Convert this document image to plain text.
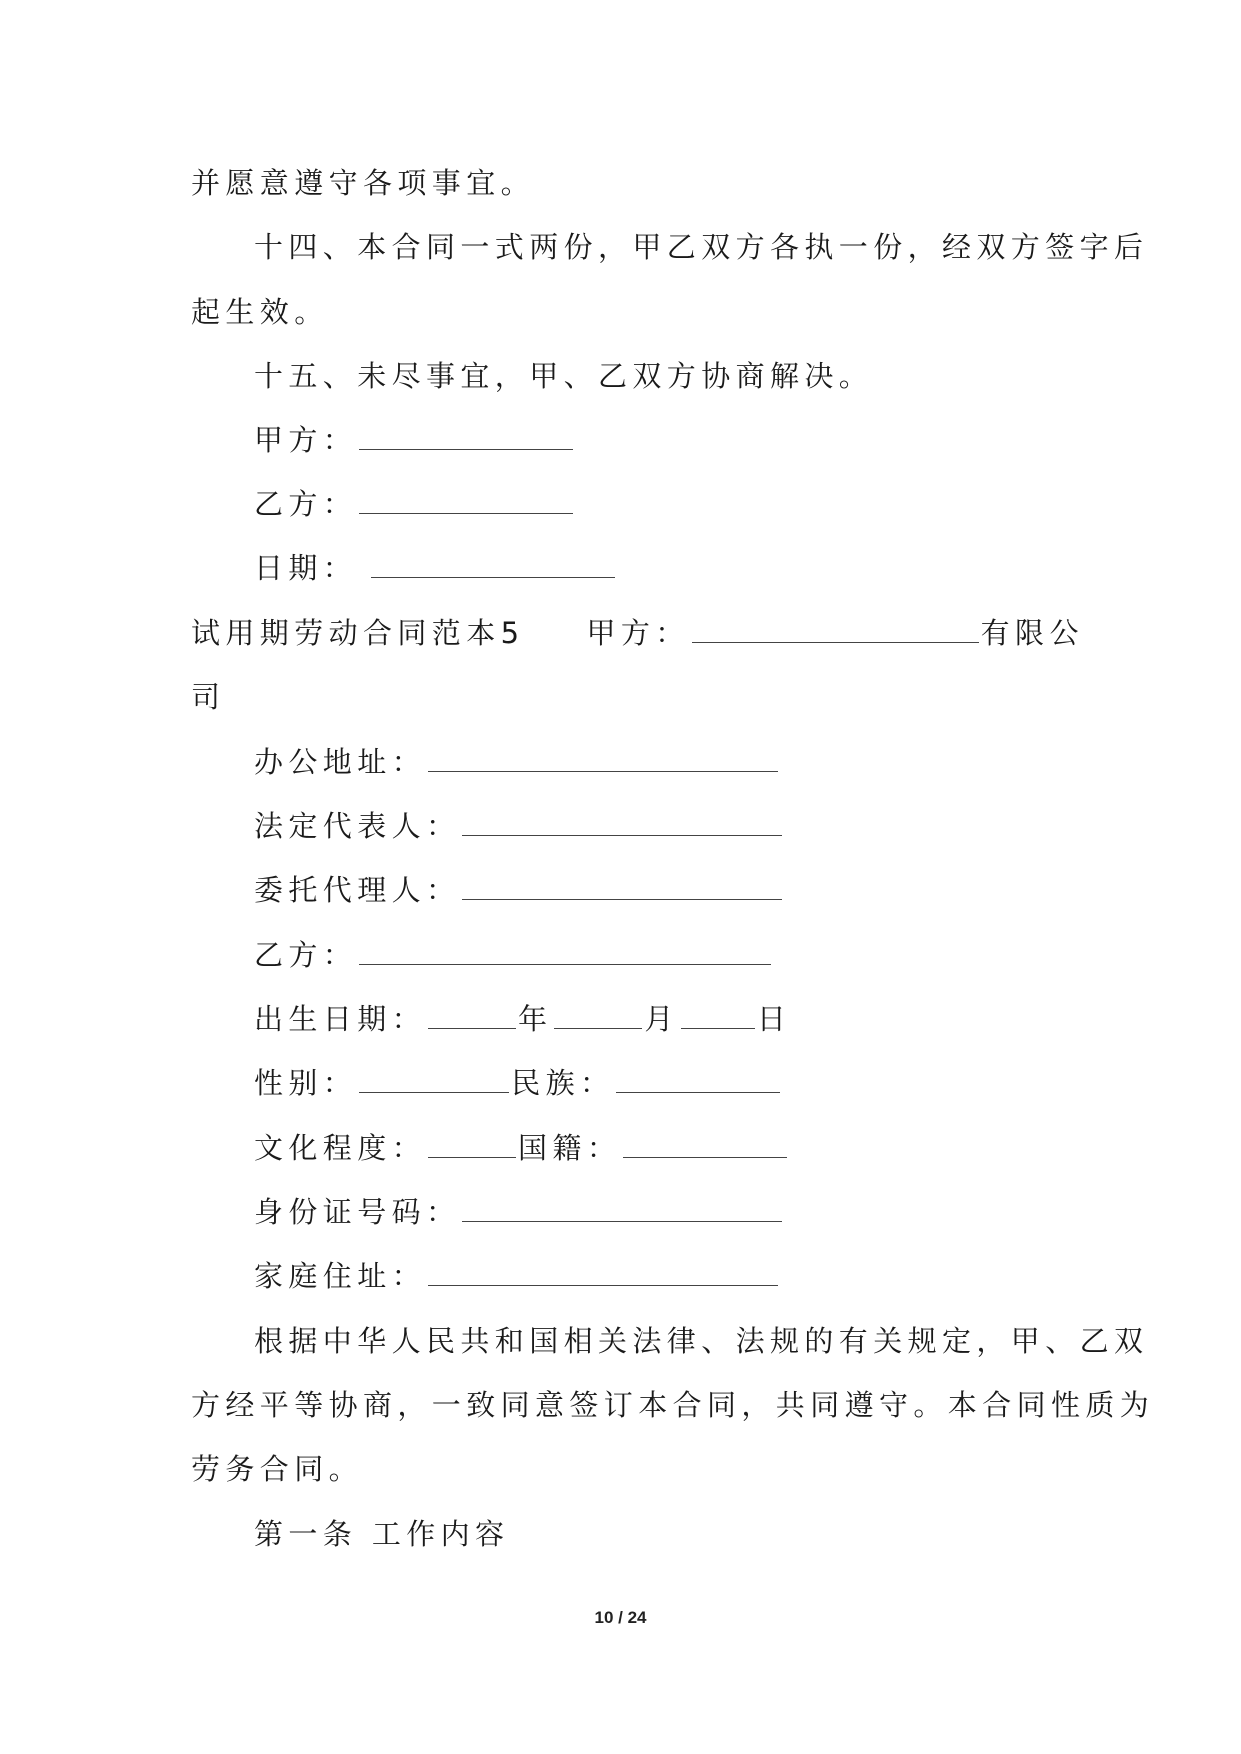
并愿意遵守各项事宜。
十四、本合同一式两份，甲乙双方各执一份，经双方签字后
起生效。
十五、未尽事宜，甲、乙双方协商解决。
甲方：
乙方：
日期：
试用期劳动合同范本5 甲方：	有限公
司
办公地址：
法定代表人：
委托代理人：
乙方：
出生日期：	年	月	日
性别：	民族：
文化程度：	国籍：
身份证号码：
家庭住址：
根据中华人民共和国相关法律、法规的有关规定，甲、乙双
方经平等协商，一致同意签订本合同，共同遵守。本合同性质为
劳务合同。
第一条 工作内容
10 / 24
